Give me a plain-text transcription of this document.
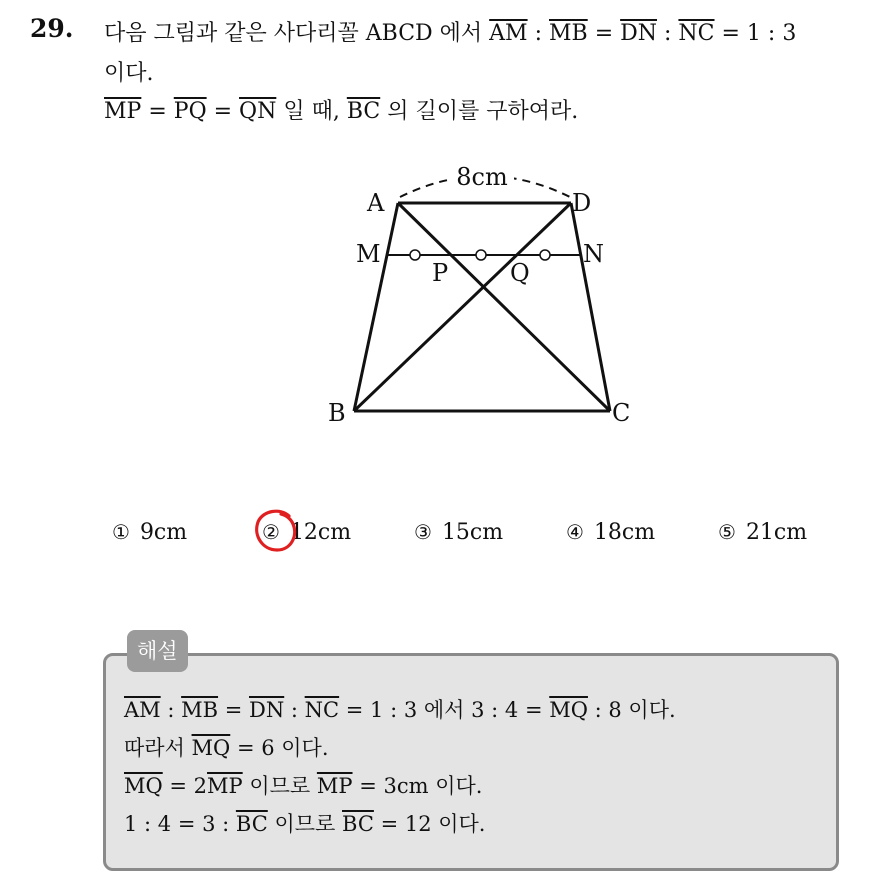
29. 다음 그림과 같은 사다리꼴 ABCD 에서 $\overline{AM}$ : $\overline{MB} = \overline{DN}$ : $\overline{NC} = 1$ : 3
이다.
$\overline{MP} = \overline{PQ} = \overline{QN}$ 일 때, $\overline{BC}$ 의 길이를 구하여라.
8cm
A	D
M	N
P	Q
B	C
① 9cm	② 12cm	③ 15cm	④ 18cm	⑤ 21cm
해설
$\overline{AM}$ : $\overline{MB} = \overline{DN}$ : $\overline{NC} = 1$ : 3 에서 3 : $4 = \overline{MQ}$ : 8 이다.
따라서 $\overline{MQ} = 6$ 이다.
$\overline{MQ} = 2\overline{MP}$ 이므로 $\overline{MP} = 3cm$ 이다.
1 : 4 = 3 : $\overline{BC}$ 이므로 $\overline{BC} = 12$ 이다.
